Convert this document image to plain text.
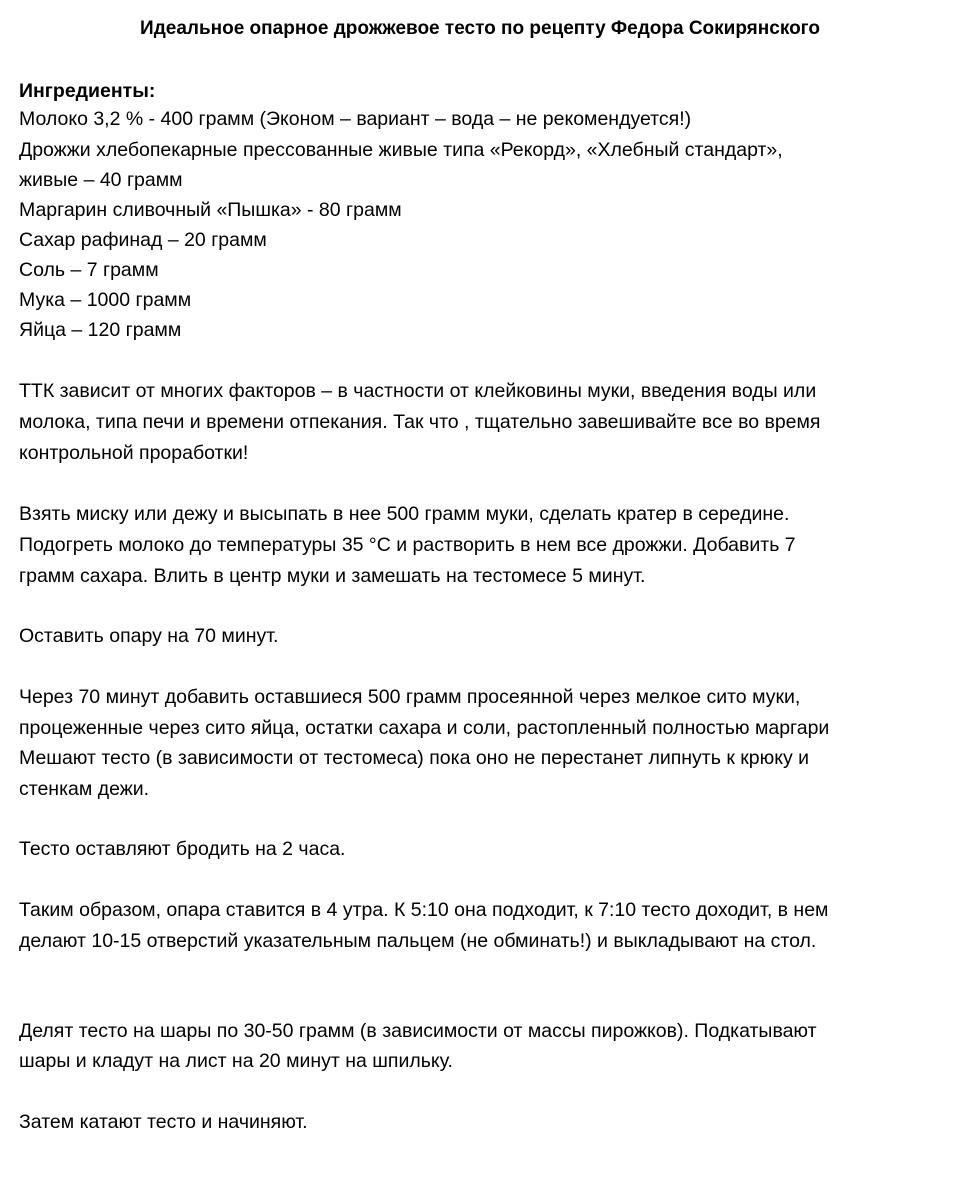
Идеальное опарное дрожжевое тесто по рецепту Федора Сокирянского
Ингредиенты:
Молоко 3,2 % - 400 грамм (Эконом – вариант – вода – не рекомендуется!)
Дрожжи хлебопекарные прессованные живые типа «Рекорд», «Хлебный стандарт»,
живые – 40 грамм
Маргарин сливочный «Пышка» - 80 грамм
Сахар рафинад – 20 грамм
Соль – 7 грамм
Мука – 1000 грамм
Яйца – 120 грамм
ТТК зависит от многих факторов – в частности от клейковины муки, введения воды или
молока, типа печи и времени отпекания. Так что , тщательно завешивайте все во время
контрольной проработки!
Взять миску или дежу и высыпать в нее 500 грамм муки, сделать кратер в середине.
Подогреть молоко до температуры 35 °С и растворить в нем все дрожжи. Добавить 7
грамм сахара. Влить в центр муки и замешать на тестомесе 5 минут.
Оставить опару на 70 минут.
Через 70 минут добавить оставшиеся 500 грамм просеянной через мелкое сито муки,
процеженные через сито яйца, остатки сахара и соли, растопленный полностью маргари
Мешают тесто (в зависимости от тестомеса) пока оно не перестанет липнуть к крюку и
стенкам дежи.
Тесто оставляют бродить на 2 часа.
Таким образом, опара ставится в 4 утра. К 5:10 она подходит, к 7:10 тесто доходит, в нем
делают 10-15 отверстий указательным пальцем (не обминать!) и выкладывают на стол.
Делят тесто на шары по 30-50 грамм (в зависимости от массы пирожков). Подкатывают
шары и кладут на лист на 20 минут на шпильку.
Затем катают тесто и начиняют.
